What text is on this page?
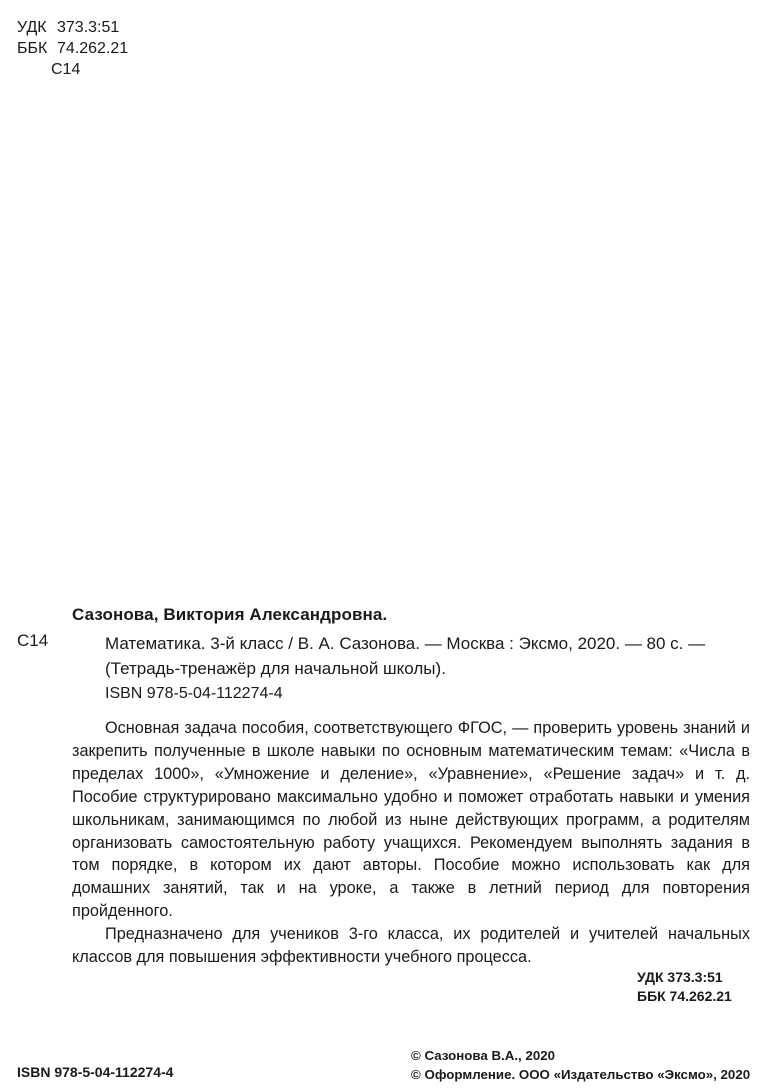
УДК 373.3:51
ББК 74.262.21
С14
Сазонова, Виктория Александровна.
С14	Математика. 3-й класс / В. А. Сазонова. — Москва : Эксмо, 2020. — 80 с. —
(Тетрадь-тренажёр для начальной школы).
ISBN 978-5-04-112274-4

Основная задача пособия, соответствующего ФГОС, — проверить уровень знаний и закрепить полученные в школе навыки по основным математическим темам: «Числа в пределах 1000», «Умножение и деление», «Уравнение», «Решение задач» и т. д. Пособие структурировано максимально удобно и поможет отработать навыки и умения школьникам, занимающимся по любой из ныне действующих программ, а родителям организовать самостоятельную работу учащихся. Рекомендуем выполнять задания в том порядке, в котором их дают авторы. Пособие можно использовать как для домашних занятий, так и на уроке, а также в летний период для повторения пройденного.

Предназначено для учеников 3-го класса, их родителей и учителей начальных классов для повышения эффективности учебного процесса.

УДК 373.3:51
ББК 74.262.21
ISBN 978-5-04-112274-4
© Сазонова В.А., 2020
© Оформление. ООО «Издательство «Эксмо», 2020
